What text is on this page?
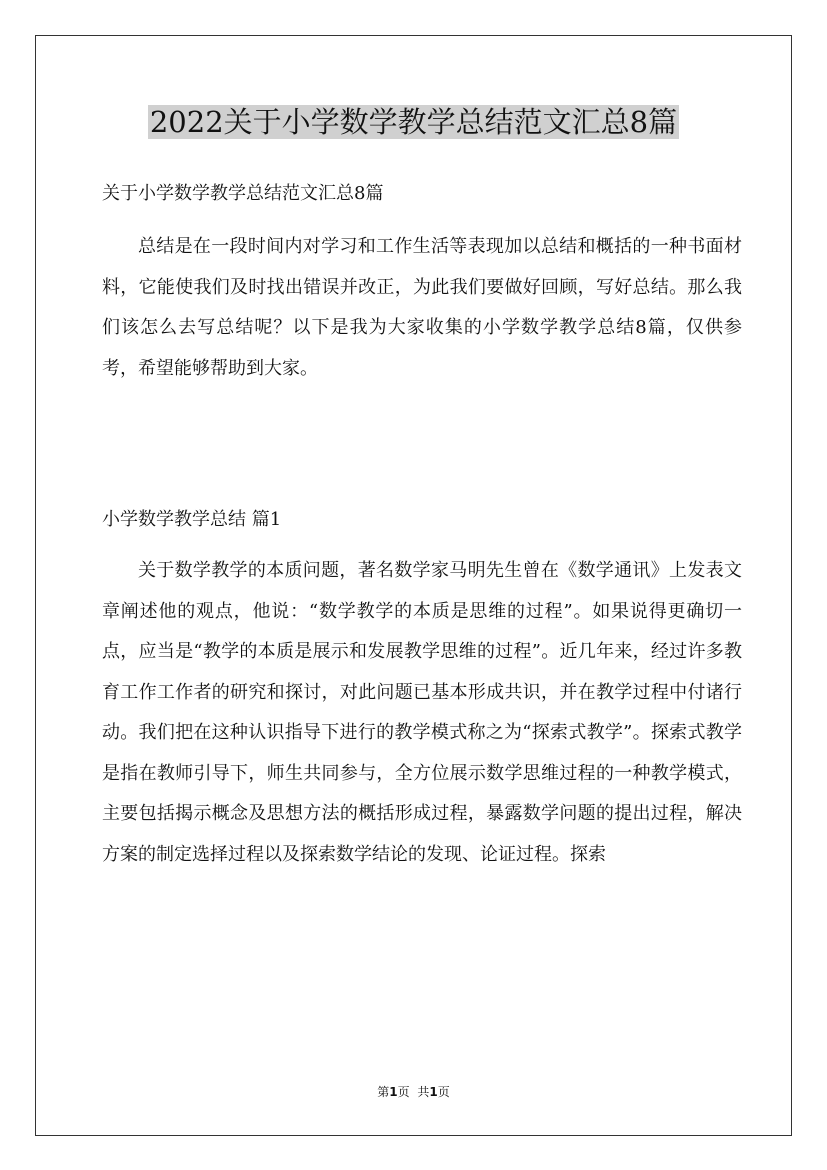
2022关于小学数学教学总结范文汇总8篇

关于小学数学教学总结范文汇总8篇

总结是在一段时间内对学习和工作生活等表现加以总结和概括的一种书面材料，它能使我们及时找出错误并改正，为此我们要做好回顾，写好总结。那么我们该怎么去写总结呢？以下是我为大家收集的小学数学教学总结8篇，仅供参考，希望能够帮助到大家。

小学数学教学总结 篇1

关于数学教学的本质问题，著名数学家马明先生曾在《数学通讯》上发表文章阐述他的观点，他说：“数学教学的本质是思维的过程”。如果说得更确切一点，应当是“教学的本质是展示和发展教学思维的过程”。近几年来，经过许多教育工作工作者的研究和探讨，对此问题已基本形成共识，并在教学过程中付诸行动。我们把在这种认识指导下进行的教学模式称之为“探索式教学”。探索式教学是指在教师引导下，师生共同参与，全方位展示数学思维过程的一种教学模式，主要包括揭示概念及思想方法的概括形成过程，暴露数学问题的提出过程，解决方案的制定选择过程以及探索数学结论的发现、论证过程。探索

第1页 共1页
